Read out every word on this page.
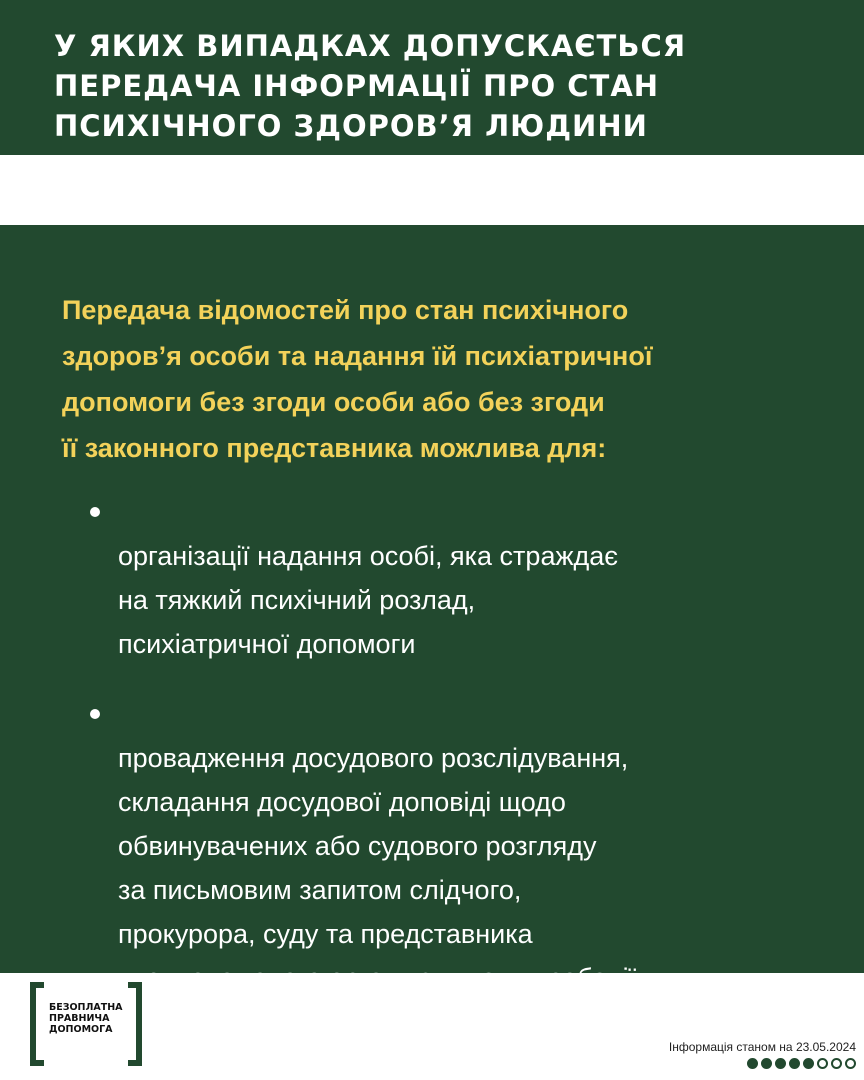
У ЯКИХ ВИПАДКАХ ДОПУСКАЄТЬСЯ
ПЕРЕДАЧА ІНФОРМАЦІЇ ПРО СТАН
ПСИХІЧНОГО ЗДОРОВ’Я ЛЮДИНИ

Передача відомостей про стан психічного
здоров’я особи та надання їй психіатричної
допомоги без згоди особи або без згоди
її законного представника можлива для:

організації надання особі, яка страждає
на тяжкий психічний розлад,
психіатричної допомоги

провадження досудового розслідування,
складання досудової доповіді щодо
обвинувачених або судового розгляду
за письмовим запитом слідчого,
прокурора, суду та представника
уповноваженого органу з питань пробації

БЕЗОПЛАТНА
ПРАВНИЧА
ДОПОМОГА
Інформація станом на 23.05.2024
